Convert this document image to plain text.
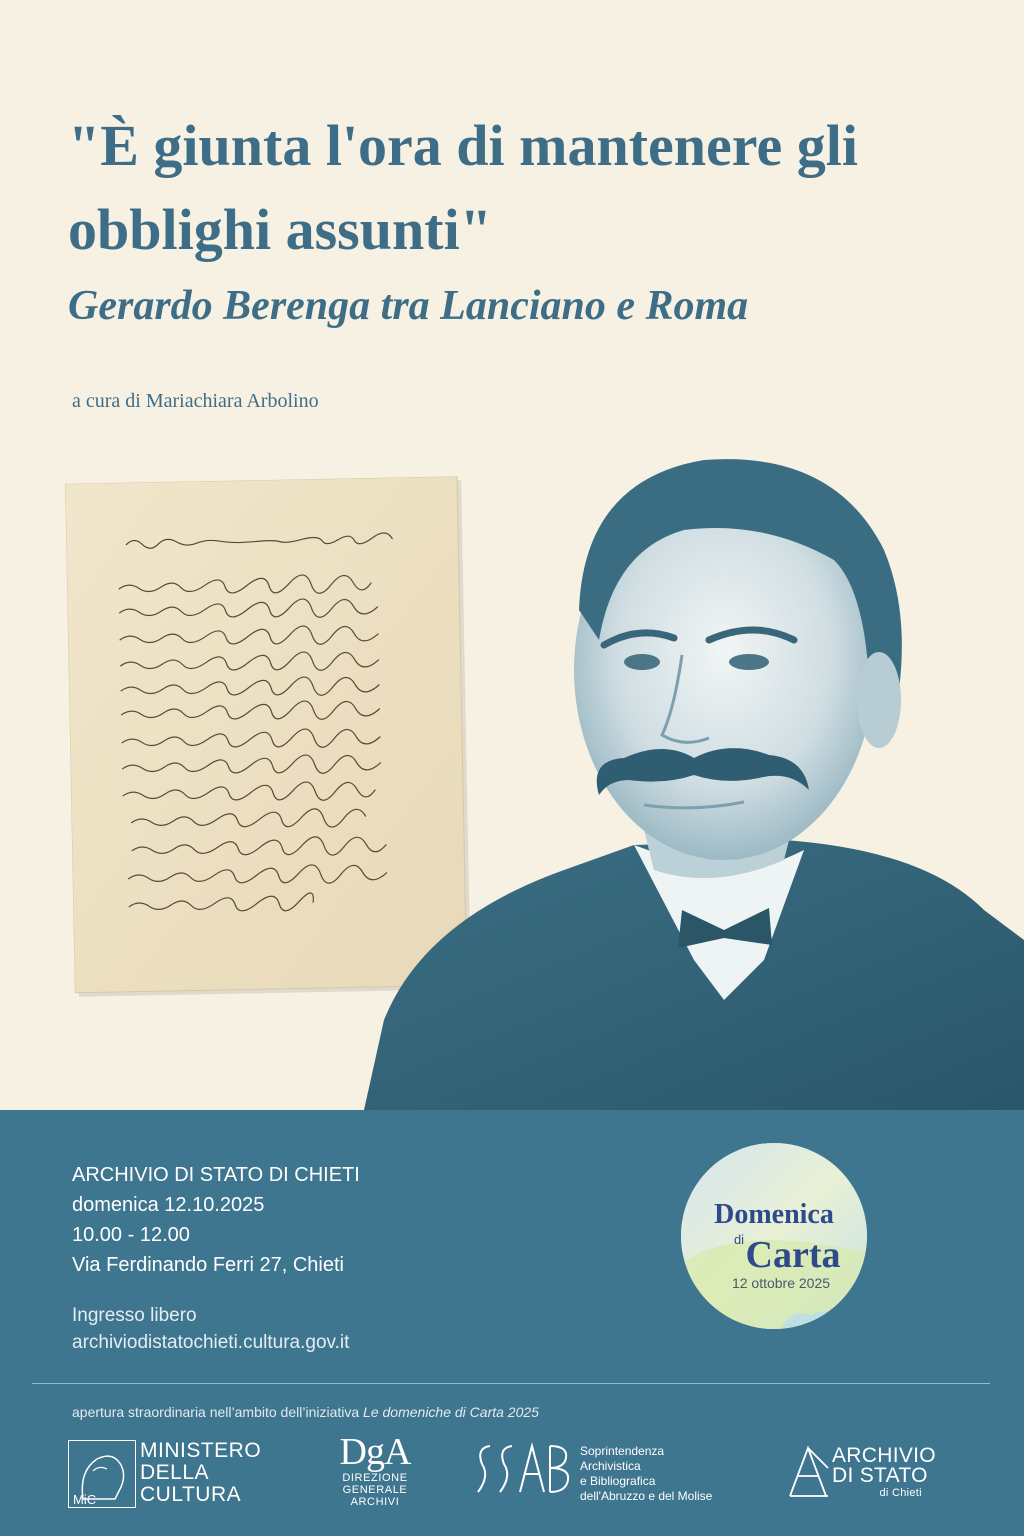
"È giunta l'ora di mantenere gli obblighi assunti"
Gerardo Berenga tra Lanciano e Roma
a cura di Mariachiara Arbolino
ARCHIVIO DI STATO DI CHIETI
domenica 12.10.2025
10.00 - 12.00
Via Ferdinando Ferri 27, Chieti
Ingresso libero
archiviodistatochieti.cultura.gov.it
Domenica
di Carta
12 ottobre 2025
apertura straordinaria nell’ambito dell’iniziativa Le domeniche di Carta 2025
MiC
MINISTERO
DELLA
CULTURA
DgA
DIREZIONE
GENERALE
ARCHIVI
Soprintendenza
Archivistica
e Bibliografica
dell'Abruzzo e del Molise
ARCHIVIO
DI STATO
di Chieti
